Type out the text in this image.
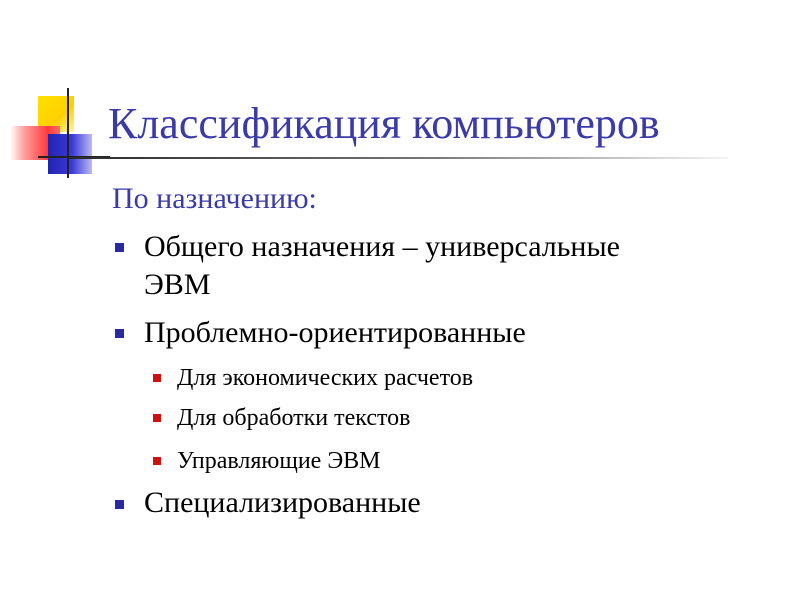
Классификация компьютеров
По назначению:
Общего назначения – универсальные
ЭВМ
Проблемно-ориентированные
Для экономических расчетов
Для обработки текстов
Управляющие ЭВМ
Специализированные
